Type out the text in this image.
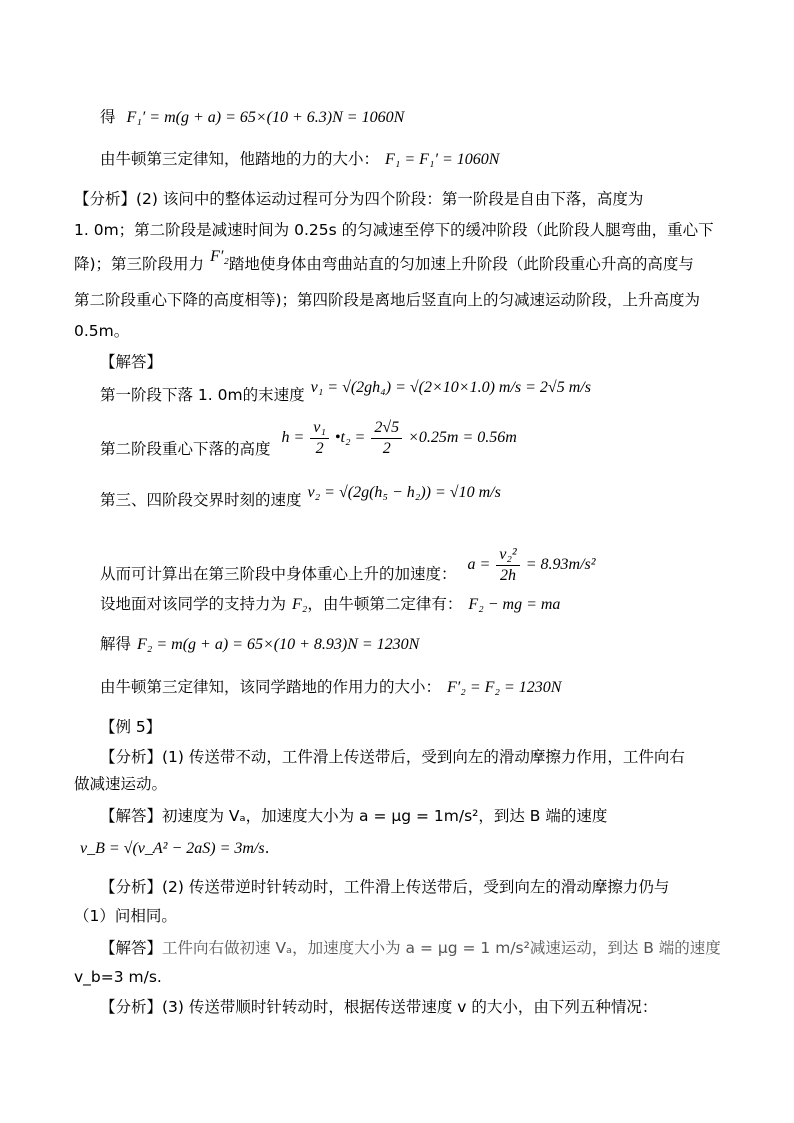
得 F₁′ = m(g + a) = 65×(10 + 6.3)N = 1060N
由牛顿第三定律知，他踏地的力的大小： F₁ = F₁′ = 1060N
【分析】(2) 该问中的整体运动过程可分为四个阶段：第一阶段是自由下落，高度为
1. 0m；第二阶段是减速时间为 0.25s 的匀减速至停下的缓冲阶段（此阶段人腿弯曲，重心下
降)；第三阶段用力 F′₂踏地使身体由弯曲站直的匀加速上升阶段（此阶段重心升高的高度与
第二阶段重心下降的高度相等)；第四阶段是离地后竖直向上的匀减速运动阶段，上升高度为
0.5m。
【解答】
第一阶段下落 1. 0m的末速度 v₁ = √(2gh₄) = √(2×10×1.0) m/s = 2√5 m/s
第二阶段重心下落的高度 $h = \frac{\text{v₁}}{2}$ •t₂ = $\frac{2√5}{2} \times 0.25m = 0.56m$
第三、四阶段交界时刻的速度 v₂ = √(2g(h₅ − h₂)) = √10 m/s
从而可计算出在第三阶段中身体重心上升的加速度： $a = \frac{\text{v₂²}}{2h} = 8.93m/s^2$
设地面对该同学的支持力为 F₂，由牛顿第二定律有： F₂ − mg = ma
解得 F₂ = m(g + a) = 65×(10 + 8.93)N = 1230N
由牛顿第三定律知，该同学踏地的作用力的大小： F′₂ = F₂ = 1230N
【例 5】
【分析】(1) 传送带不动，工件滑上传送带后，受到向左的滑动摩擦力作用，工件向右
做减速运动。
【解答】初速度为 Vₐ，加速度大小为 a = μg = 1m/s²，到达 B 端的速度
v_B = √(v_A² − 2aS) = 3m/s.
【分析】(2) 传送带逆时针转动时，工件滑上传送带后，受到向左的滑动摩擦力仍与
（1）问相同。
【解答】工件向右做初速 Vₐ，加速度大小为 a = μg = 1 m/s²减速运动，到达 B 端的速度
v_b=3 m/s.
【分析】(3) 传送带顺时针转动时，根据传送带速度 v 的大小，由下列五种情况：
